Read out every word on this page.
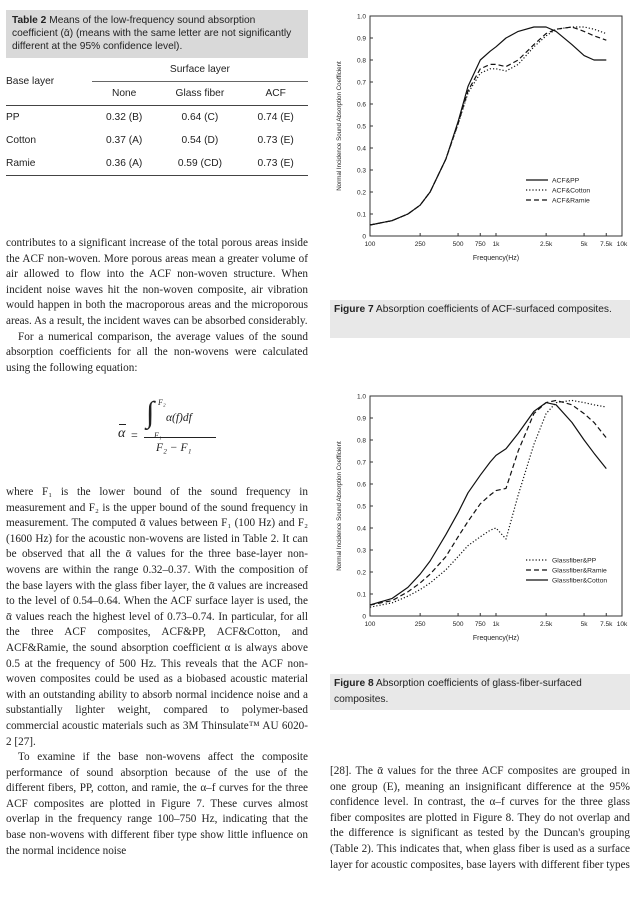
Table 2 Means of the low-frequency sound absorption coefficient (ᾱ) (means with the same letter are not significantly different at the 95% confidence level).
Base layer	Surface layer		
	None	Glass fiber	ACF
PP	0.32 (B)	0.64 (C)	0.74 (E)
Cotton	0.37 (A)	0.54 (D)	0.73 (E)
Ramie	0.36 (A)	0.59 (CD)	0.73 (E)

contributes to a significant increase of the total porous areas inside the ACF non-woven. More porous areas mean a greater volume of air allowed to flow into the ACF non-woven structure. When incident noise waves hit the non-woven composite, air vibration would happen in both the macroporous areas and the microporous areas. As a result, the incident waves can be absorbed considerably.

For a numerical comparison, the average values of the sound absorption coefficients for all the non-wovens were calculated using the following equation:

α =
∫ F₂
F₁
α(f)df
F₂ − F₁

where F₁ is the lower bound of the sound frequency in measurement and F₂ is the upper bound of the sound frequency in measurement. The computed ᾱ values between F₁ (100 Hz) and F₂ (1600 Hz) for the acoustic non-wovens are listed in Table 2. It can be observed that all the ᾱ values for the three base-layer non-wovens are within the range 0.32–0.37. With the composition of the base layers with the glass fiber layer, the ᾱ values are increased to the level of 0.54–0.64. When the ACF surface layer is used, the ᾱ values reach the highest level of 0.73–0.74. In particular, for all the three ACF composites, ACF&PP, ACF&Cotton, and ACF&Ramie, the sound absorption coefficient α is always above 0.5 at the frequency of 500 Hz. This reveals that the ACF non-woven composites could be used as a biobased acoustic material with an outstanding ability to absorb normal incidence noise and a substantially lighter weight, compared to polymer-based commercial acoustic materials such as 3M Thinsulate™ AU 6020-2 [27].

To examine if the base non-wovens affect the composite performance of sound absorption because of the use of the different fibers, PP, cotton, and ramie, the α–f curves for the three ACF composites are plotted in Figure 7. These curves almost overlap in the frequency range 100–750 Hz, indicating that the base non-wovens with different fiber type show little influence on the normal incidence noise

0
0.1
0.2
0.3
0.4
0.5
0.6
0.7
0.8
0.9
1.0
100	250	500 750 1k	2.5k	5k 7.5k 10k
Frequency(Hz)
Normal Incidence Sound Absorption Coefficient	ACF&PP
ACF&Cotton
ACF&Ramie
Figure 7 Absorption coefficients of ACF-surfaced composites.
0
0.1
0.2
0.3
0.4
0.5
0.6
0.7
0.8
0.9
1.0
100	250	500 750 1k	2.5k	5k 7.5k 10k
Frequency(Hz)
Normal Incidence Sound Absorption Coefficient	Glassfiber&PP
Glassfiber&Ramie
Glassfiber&Cotton
Figure 8 Absorption coefficients of glass-fiber-surfaced composites.

[28]. The ᾱ values for the three ACF composites are grouped in one group (E), meaning an insignificant difference at the 95% confidence level. In contrast, the α–f curves for the three glass fiber composites are plotted in Figure 8. They do not overlap and the difference is significant as tested by the Duncan's grouping (Table 2). This indicates that, when glass fiber is used as a surface layer for acoustic composites, base layers with different fiber types
